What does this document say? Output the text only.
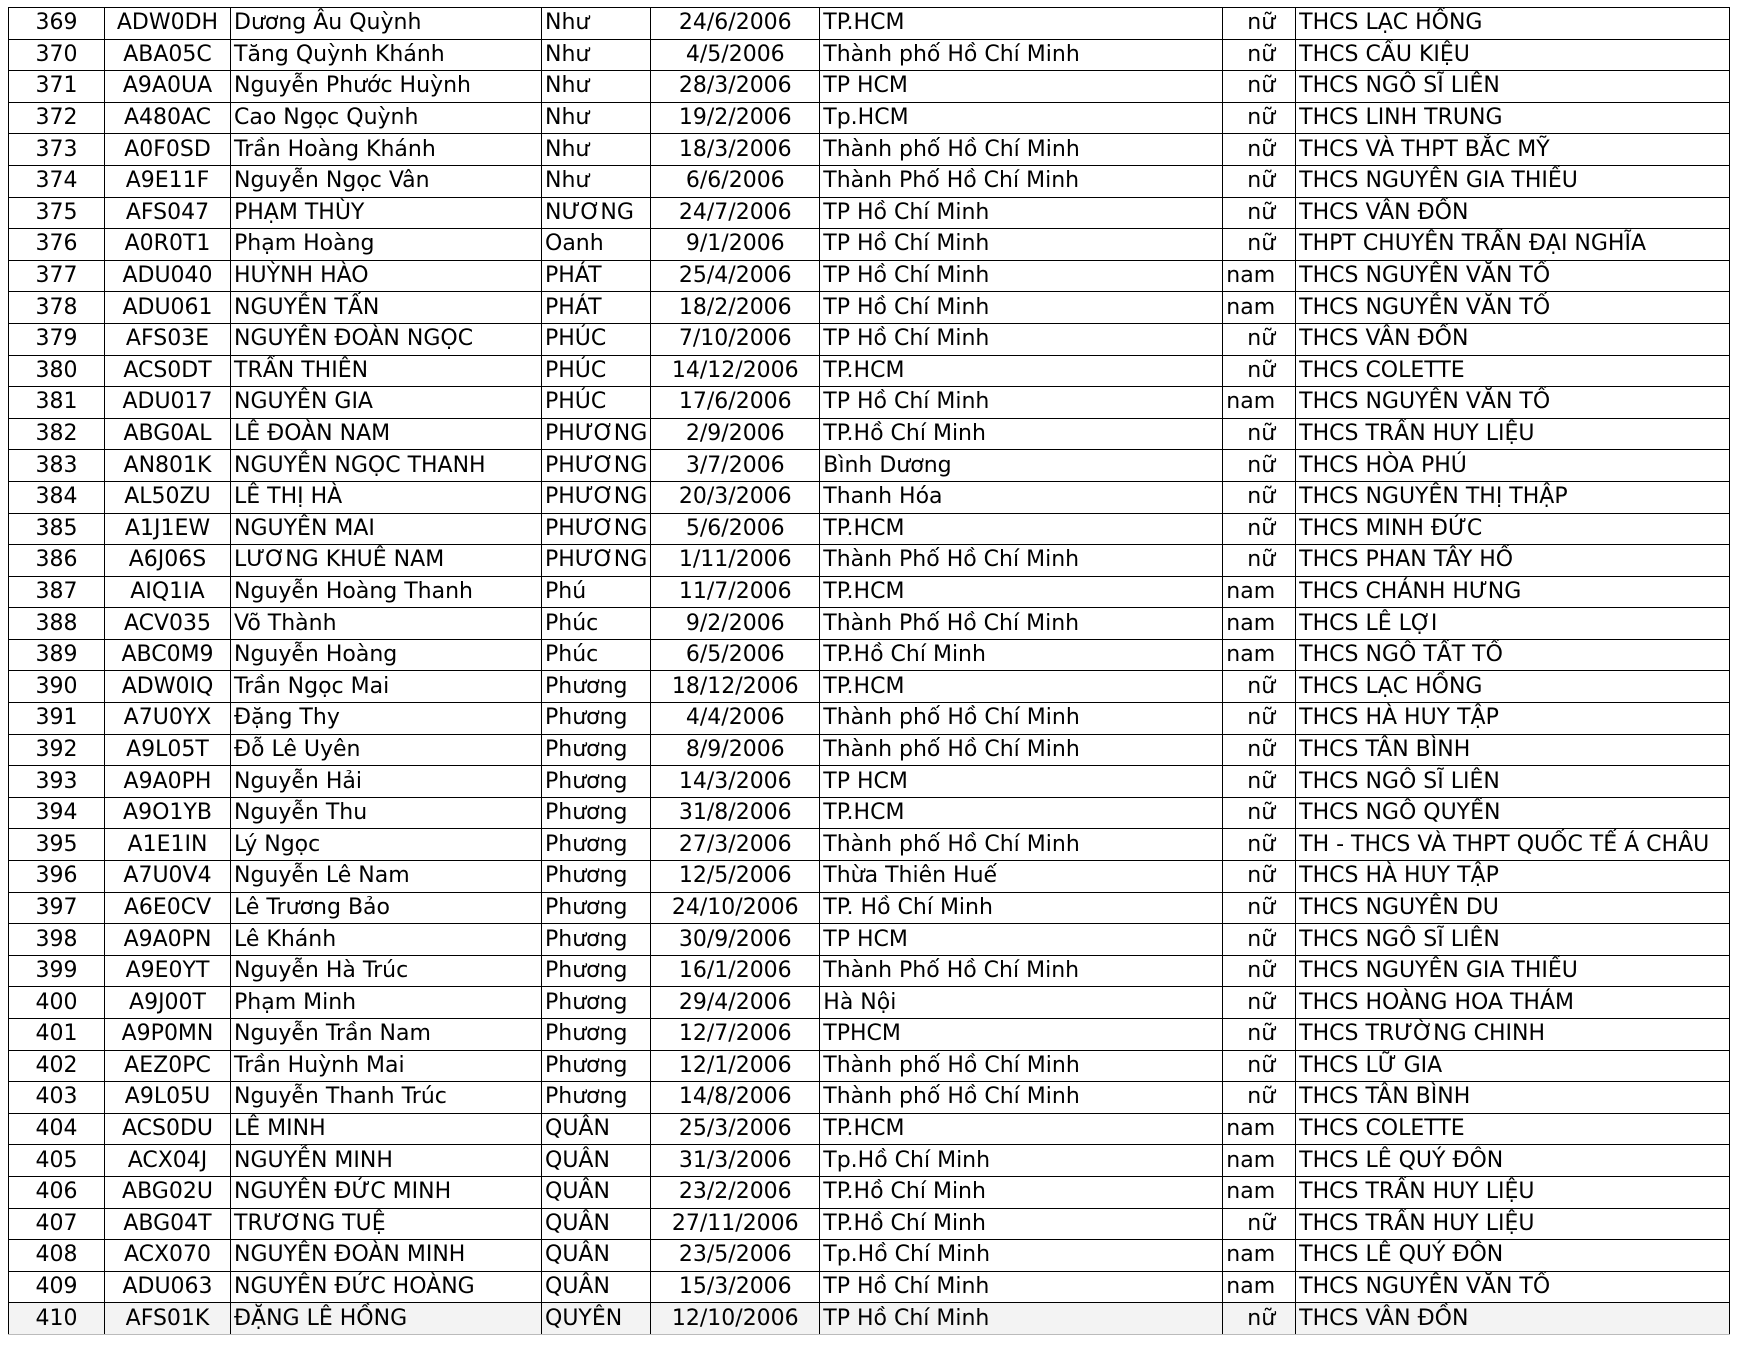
369	ADW0DH	Dương Âu Quỳnh	Như	24/6/2006	TP.HCM	nữ	THCS LẠC HỒNG
370	ABA05C	Tăng Quỳnh Khánh	Như	4/5/2006	Thành phố Hồ Chí Minh	nữ	THCS CẦU KIỆU
371	A9A0UA	Nguyễn Phước Huỳnh	Như	28/3/2006	TP HCM	nữ	THCS NGÔ SĨ LIÊN
372	A480AC	Cao Ngọc Quỳnh	Như	19/2/2006	Tp.HCM	nữ	THCS LINH TRUNG
373	A0F0SD	Trần Hoàng Khánh	Như	18/3/2006	Thành phố Hồ Chí Minh	nữ	THCS VÀ THPT BẮC MỸ
374	A9E11F	Nguyễn Ngọc Vân	Như	6/6/2006	Thành Phố Hồ Chí Minh	nữ	THCS NGUYỄN GIA THIỀU
375	AFS047	PHẠM THÙY	NƯƠNG	24/7/2006	TP Hồ Chí Minh	nữ	THCS VÂN ĐỒN
376	A0R0T1	Phạm Hoàng	Oanh	9/1/2006	TP Hồ Chí Minh	nữ	THPT CHUYÊN TRẦN ĐẠI NGHĨA
377	ADU040	HUỲNH HÀO	PHÁT	25/4/2006	TP Hồ Chí Minh	nam	THCS NGUYỄN VĂN TỐ
378	ADU061	NGUYỄN TẤN	PHÁT	18/2/2006	TP Hồ Chí Minh	nam	THCS NGUYỄN VĂN TỐ
379	AFS03E	NGUYỄN ĐOÀN NGỌC	PHÚC	7/10/2006	TP Hồ Chí Minh	nữ	THCS VÂN ĐỒN
380	ACS0DT	TRẦN THIÊN	PHÚC	14/12/2006	TP.HCM	nữ	THCS COLETTE
381	ADU017	NGUYỄN GIA	PHÚC	17/6/2006	TP Hồ Chí Minh	nam	THCS NGUYỄN VĂN TỐ
382	ABG0AL	LÊ ĐOÀN NAM	PHƯƠNG	2/9/2006	TP.Hồ Chí Minh	nữ	THCS TRẦN HUY LIỆU
383	AN801K	NGUYỄN NGỌC THANH	PHƯƠNG	3/7/2006	Bình Dương	nữ	THCS HÒA PHÚ
384	AL50ZU	LÊ THỊ HÀ	PHƯƠNG	20/3/2006	Thanh Hóa	nữ	THCS NGUYỄN THỊ THẬP
385	A1J1EW	NGUYỄN MAI	PHƯƠNG	5/6/2006	TP.HCM	nữ	THCS MINH ĐỨC
386	A6J06S	LƯƠNG KHUÊ NAM	PHƯƠNG	1/11/2006	Thành Phố Hồ Chí Minh	nữ	THCS PHAN TÂY HỒ
387	AIQ1IA	Nguyễn Hoàng Thanh	Phú	11/7/2006	TP.HCM	nam	THCS CHÁNH HƯNG
388	ACV035	Võ Thành	Phúc	9/2/2006	Thành Phố Hồ Chí Minh	nam	THCS LÊ LỢI
389	ABC0M9	Nguyễn Hoàng	Phúc	6/5/2006	TP.Hồ Chí Minh	nam	THCS NGÔ TẤT TỐ
390	ADW0IQ	Trần Ngọc Mai	Phương	18/12/2006	TP.HCM	nữ	THCS LẠC HỒNG
391	A7U0YX	Đặng Thy	Phương	4/4/2006	Thành phố Hồ Chí Minh	nữ	THCS HÀ HUY TẬP
392	A9L05T	Đỗ Lê Uyên	Phương	8/9/2006	Thành phố Hồ Chí Minh	nữ	THCS TÂN BÌNH
393	A9A0PH	Nguyễn Hải	Phương	14/3/2006	TP HCM	nữ	THCS NGÔ SĨ LIÊN
394	A9O1YB	Nguyễn Thu	Phương	31/8/2006	TP.HCM	nữ	THCS NGÔ QUYỀN
395	A1E1IN	Lý Ngọc	Phương	27/3/2006	Thành phố Hồ Chí Minh	nữ	TH - THCS VÀ THPT QUỐC TẾ Á CHÂU
396	A7U0V4	Nguyễn Lê Nam	Phương	12/5/2006	Thừa Thiên Huế	nữ	THCS HÀ HUY TẬP
397	A6E0CV	Lê Trương Bảo	Phương	24/10/2006	TP. Hồ Chí Minh	nữ	THCS NGUYỄN DU
398	A9A0PN	Lê Khánh	Phương	30/9/2006	TP HCM	nữ	THCS NGÔ SĨ LIÊN
399	A9E0YT	Nguyễn Hà Trúc	Phương	16/1/2006	Thành Phố Hồ Chí Minh	nữ	THCS NGUYỄN GIA THIỀU
400	A9J00T	Phạm Minh	Phương	29/4/2006	Hà Nội	nữ	THCS HOÀNG HOA THÁM
401	A9P0MN	Nguyễn Trần Nam	Phương	12/7/2006	TPHCM	nữ	THCS TRƯỜNG CHINH
402	AEZ0PC	Trần Huỳnh Mai	Phương	12/1/2006	Thành phố Hồ Chí Minh	nữ	THCS LỮ GIA
403	A9L05U	Nguyễn Thanh Trúc	Phương	14/8/2006	Thành phố Hồ Chí Minh	nữ	THCS TÂN BÌNH
404	ACS0DU	LÊ MINH	QUÂN	25/3/2006	TP.HCM	nam	THCS COLETTE
405	ACX04J	NGUYỄN MINH	QUÂN	31/3/2006	Tp.Hồ Chí Minh	nam	THCS LÊ QUÝ ĐÔN
406	ABG02U	NGUYỄN ĐỨC MINH	QUÂN	23/2/2006	TP.Hồ Chí Minh	nam	THCS TRẦN HUY LIỆU
407	ABG04T	TRƯƠNG TUỆ	QUÂN	27/11/2006	TP.Hồ Chí Minh	nữ	THCS TRẦN HUY LIỆU
408	ACX070	NGUYỄN ĐOÀN MINH	QUÂN	23/5/2006	Tp.Hồ Chí Minh	nam	THCS LÊ QUÝ ĐÔN
409	ADU063	NGUYỄN ĐỨC HOÀNG	QUÂN	15/3/2006	TP Hồ Chí Minh	nam	THCS NGUYỄN VĂN TỐ
410	AFS01K	ĐẶNG LÊ HỒNG	QUYÊN	12/10/2006	TP Hồ Chí Minh	nữ	THCS VÂN ĐỒN
